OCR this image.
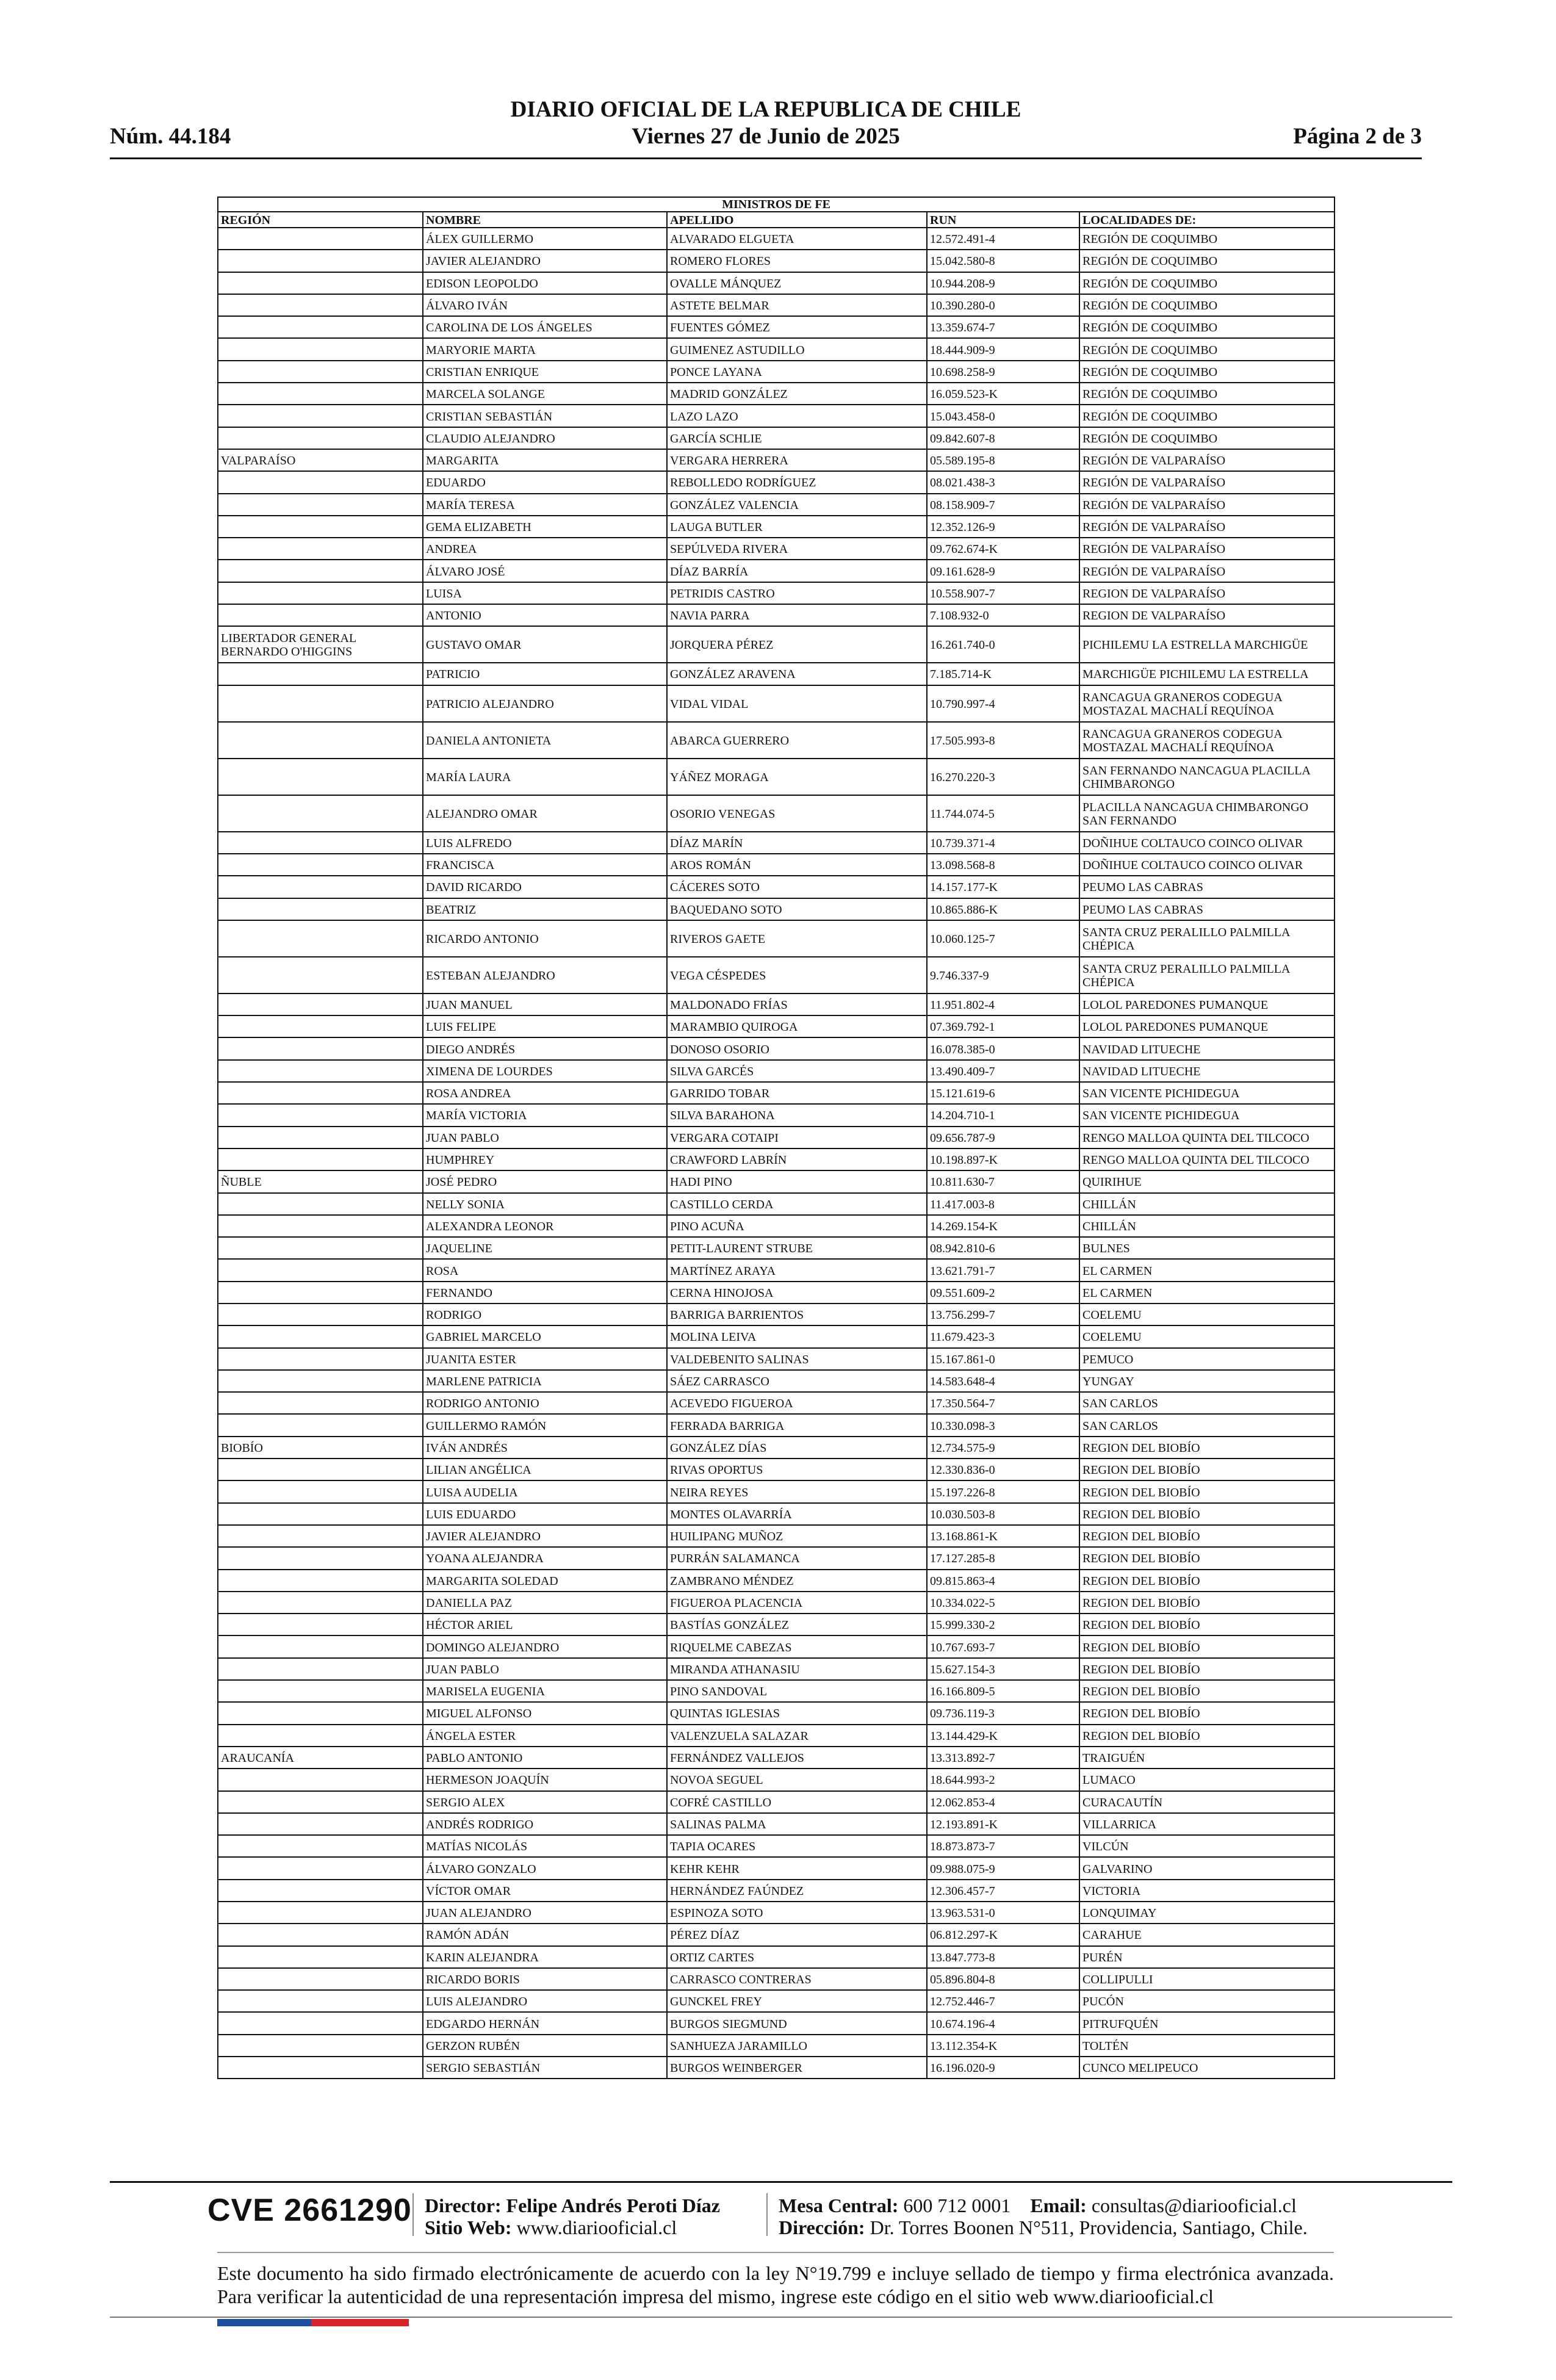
DIARIO OFICIAL DE LA REPUBLICA DE CHILE
Núm. 44.184	Viernes 27 de Junio de 2025	Página 2 de 3
MINISTROS DE FE				
REGIÓN	NOMBRE	APELLIDO	RUN	LOCALIDADES DE:
	ÁLEX GUILLERMO	ALVARADO ELGUETA	12.572.491-4	REGIÓN DE COQUIMBO
	JAVIER ALEJANDRO	ROMERO FLORES	15.042.580-8	REGIÓN DE COQUIMBO
	EDISON LEOPOLDO	OVALLE MÁNQUEZ	10.944.208-9	REGIÓN DE COQUIMBO
	ÁLVARO IVÁN	ASTETE BELMAR	10.390.280-0	REGIÓN DE COQUIMBO
	CAROLINA DE LOS ÁNGELES	FUENTES GÓMEZ	13.359.674-7	REGIÓN DE COQUIMBO
	MARYORIE MARTA	GUIMENEZ ASTUDILLO	18.444.909-9	REGIÓN DE COQUIMBO
	CRISTIAN ENRIQUE	PONCE LAYANA	10.698.258-9	REGIÓN DE COQUIMBO
	MARCELA SOLANGE	MADRID GONZÁLEZ	16.059.523-K	REGIÓN DE COQUIMBO
	CRISTIAN SEBASTIÁN	LAZO LAZO	15.043.458-0	REGIÓN DE COQUIMBO
	CLAUDIO ALEJANDRO	GARCÍA SCHLIE	09.842.607-8	REGIÓN DE COQUIMBO
VALPARAÍSO	MARGARITA	VERGARA HERRERA	05.589.195-8	REGIÓN DE VALPARAÍSO
	EDUARDO	REBOLLEDO RODRÍGUEZ	08.021.438-3	REGIÓN DE VALPARAÍSO
	MARÍA TERESA	GONZÁLEZ VALENCIA	08.158.909-7	REGIÓN DE VALPARAÍSO
	GEMA ELIZABETH	LAUGA BUTLER	12.352.126-9	REGIÓN DE VALPARAÍSO
	ANDREA	SEPÚLVEDA RIVERA	09.762.674-K	REGIÓN DE VALPARAÍSO
	ÁLVARO JOSÉ	DÍAZ BARRÍA	09.161.628-9	REGIÓN DE VALPARAÍSO
	LUISA	PETRIDIS CASTRO	10.558.907-7	REGION DE VALPARAÍSO
	ANTONIO	NAVIA PARRA	7.108.932-0	REGION DE VALPARAÍSO
LIBERTADOR GENERAL BERNARDO O'HIGGINS	GUSTAVO OMAR	JORQUERA PÉREZ	16.261.740-0	PICHILEMU LA ESTRELLA MARCHIGÜE
	PATRICIO	GONZÁLEZ ARAVENA	7.185.714-K	MARCHIGÜE PICHILEMU LA ESTRELLA
	PATRICIO ALEJANDRO	VIDAL VIDAL	10.790.997-4	RANCAGUA GRANEROS CODEGUA MOSTAZAL MACHALÍ REQUÍNOA
	DANIELA ANTONIETA	ABARCA GUERRERO	17.505.993-8	RANCAGUA GRANEROS CODEGUA MOSTAZAL MACHALÍ REQUÍNOA
	MARÍA LAURA	YÁÑEZ MORAGA	16.270.220-3	SAN FERNANDO NANCAGUA PLACILLA CHIMBARONGO
	ALEJANDRO OMAR	OSORIO VENEGAS	11.744.074-5	PLACILLA NANCAGUA CHIMBARONGO SAN FERNANDO
	LUIS ALFREDO	DÍAZ MARÍN	10.739.371-4	DOÑIHUE COLTAUCO COINCO OLIVAR
	FRANCISCA	AROS ROMÁN	13.098.568-8	DOÑIHUE COLTAUCO COINCO OLIVAR
	DAVID RICARDO	CÁCERES SOTO	14.157.177-K	PEUMO LAS CABRAS
	BEATRIZ	BAQUEDANO SOTO	10.865.886-K	PEUMO LAS CABRAS
	RICARDO ANTONIO	RIVEROS GAETE	10.060.125-7	SANTA CRUZ PERALILLO PALMILLA CHÉPICA
	ESTEBAN ALEJANDRO	VEGA CÉSPEDES	9.746.337-9	SANTA CRUZ PERALILLO PALMILLA CHÉPICA
	JUAN MANUEL	MALDONADO FRÍAS	11.951.802-4	LOLOL PAREDONES PUMANQUE
	LUIS FELIPE	MARAMBIO QUIROGA	07.369.792-1	LOLOL PAREDONES PUMANQUE
	DIEGO ANDRÉS	DONOSO OSORIO	16.078.385-0	NAVIDAD LITUECHE
	XIMENA DE LOURDES	SILVA GARCÉS	13.490.409-7	NAVIDAD LITUECHE
	ROSA ANDREA	GARRIDO TOBAR	15.121.619-6	SAN VICENTE PICHIDEGUA
	MARÍA VICTORIA	SILVA BARAHONA	14.204.710-1	SAN VICENTE PICHIDEGUA
	JUAN PABLO	VERGARA COTAIPI	09.656.787-9	RENGO MALLOA QUINTA DEL TILCOCO
	HUMPHREY	CRAWFORD LABRÍN	10.198.897-K	RENGO MALLOA QUINTA DEL TILCOCO
ÑUBLE	JOSÉ PEDRO	HADI PINO	10.811.630-7	QUIRIHUE
	NELLY SONIA	CASTILLO CERDA	11.417.003-8	CHILLÁN
	ALEXANDRA LEONOR	PINO ACUÑA	14.269.154-K	CHILLÁN
	JAQUELINE	PETIT-LAURENT STRUBE	08.942.810-6	BULNES
	ROSA	MARTÍNEZ ARAYA	13.621.791-7	EL CARMEN
	FERNANDO	CERNA HINOJOSA	09.551.609-2	EL CARMEN
	RODRIGO	BARRIGA BARRIENTOS	13.756.299-7	COELEMU
	GABRIEL MARCELO	MOLINA LEIVA	11.679.423-3	COELEMU
	JUANITA ESTER	VALDEBENITO SALINAS	15.167.861-0	PEMUCO
	MARLENE PATRICIA	SÁEZ CARRASCO	14.583.648-4	YUNGAY
	RODRIGO ANTONIO	ACEVEDO FIGUEROA	17.350.564-7	SAN CARLOS
	GUILLERMO RAMÓN	FERRADA BARRIGA	10.330.098-3	SAN CARLOS
BIOBÍO	IVÁN ANDRÉS	GONZÁLEZ DÍAS	12.734.575-9	REGION DEL BIOBÍO
	LILIAN ANGÉLICA	RIVAS OPORTUS	12.330.836-0	REGION DEL BIOBÍO
	LUISA AUDELIA	NEIRA REYES	15.197.226-8	REGION DEL BIOBÍO
	LUIS EDUARDO	MONTES OLAVARRÍA	10.030.503-8	REGION DEL BIOBÍO
	JAVIER ALEJANDRO	HUILIPANG MUÑOZ	13.168.861-K	REGION DEL BIOBÍO
	YOANA ALEJANDRA	PURRÁN SALAMANCA	17.127.285-8	REGION DEL BIOBÍO
	MARGARITA SOLEDAD	ZAMBRANO MÉNDEZ	09.815.863-4	REGION DEL BIOBÍO
	DANIELLA PAZ	FIGUEROA PLACENCIA	10.334.022-5	REGION DEL BIOBÍO
	HÉCTOR ARIEL	BASTÍAS GONZÁLEZ	15.999.330-2	REGION DEL BIOBÍO
	DOMINGO ALEJANDRO	RIQUELME CABEZAS	10.767.693-7	REGION DEL BIOBÍO
	JUAN PABLO	MIRANDA ATHANASIU	15.627.154-3	REGION DEL BIOBÍO
	MARISELA EUGENIA	PINO SANDOVAL	16.166.809-5	REGION DEL BIOBÍO
	MIGUEL ALFONSO	QUINTAS IGLESIAS	09.736.119-3	REGION DEL BIOBÍO
	ÁNGELA ESTER	VALENZUELA SALAZAR	13.144.429-K	REGION DEL BIOBÍO
ARAUCANÍA	PABLO ANTONIO	FERNÁNDEZ VALLEJOS	13.313.892-7	TRAIGUÉN
	HERMESON JOAQUÍN	NOVOA SEGUEL	18.644.993-2	LUMACO
	SERGIO ALEX	COFRÉ CASTILLO	12.062.853-4	CURACAUTÍN
	ANDRÉS RODRIGO	SALINAS PALMA	12.193.891-K	VILLARRICA
	MATÍAS NICOLÁS	TAPIA OCARES	18.873.873-7	VILCÚN
	ÁLVARO GONZALO	KEHR KEHR	09.988.075-9	GALVARINO
	VÍCTOR OMAR	HERNÁNDEZ FAÚNDEZ	12.306.457-7	VICTORIA
	JUAN ALEJANDRO	ESPINOZA SOTO	13.963.531-0	LONQUIMAY
	RAMÓN ADÁN	PÉREZ DÍAZ	06.812.297-K	CARAHUE
	KARIN ALEJANDRA	ORTIZ CARTES	13.847.773-8	PURÉN
	RICARDO BORIS	CARRASCO CONTRERAS	05.896.804-8	COLLIPULLI
	LUIS ALEJANDRO	GUNCKEL FREY	12.752.446-7	PUCÓN
	EDGARDO HERNÁN	BURGOS SIEGMUND	10.674.196-4	PITRUFQUÉN
	GERZON RUBÉN	SANHUEZA JARAMILLO	13.112.354-K	TOLTÉN
	SERGIO SEBASTIÁN	BURGOS WEINBERGER	16.196.020-9	CUNCO MELIPEUCO
CVE 2661290 Director: Felipe Andrés Peroti Díaz
Sitio Web: www.diariooficial.cl
Mesa Central: 600 712 0001 Email: consultas@diariooficial.cl
Dirección: Dr. Torres Boonen N°511, Providencia, Santiago, Chile.
Este documento ha sido firmado electrónicamente de acuerdo con la ley N°19.799 e incluye sellado de tiempo y firma electrónica avanzada. Para verificar la autenticidad de una representación impresa del mismo, ingrese este código en el sitio web www.diariooficial.cl
